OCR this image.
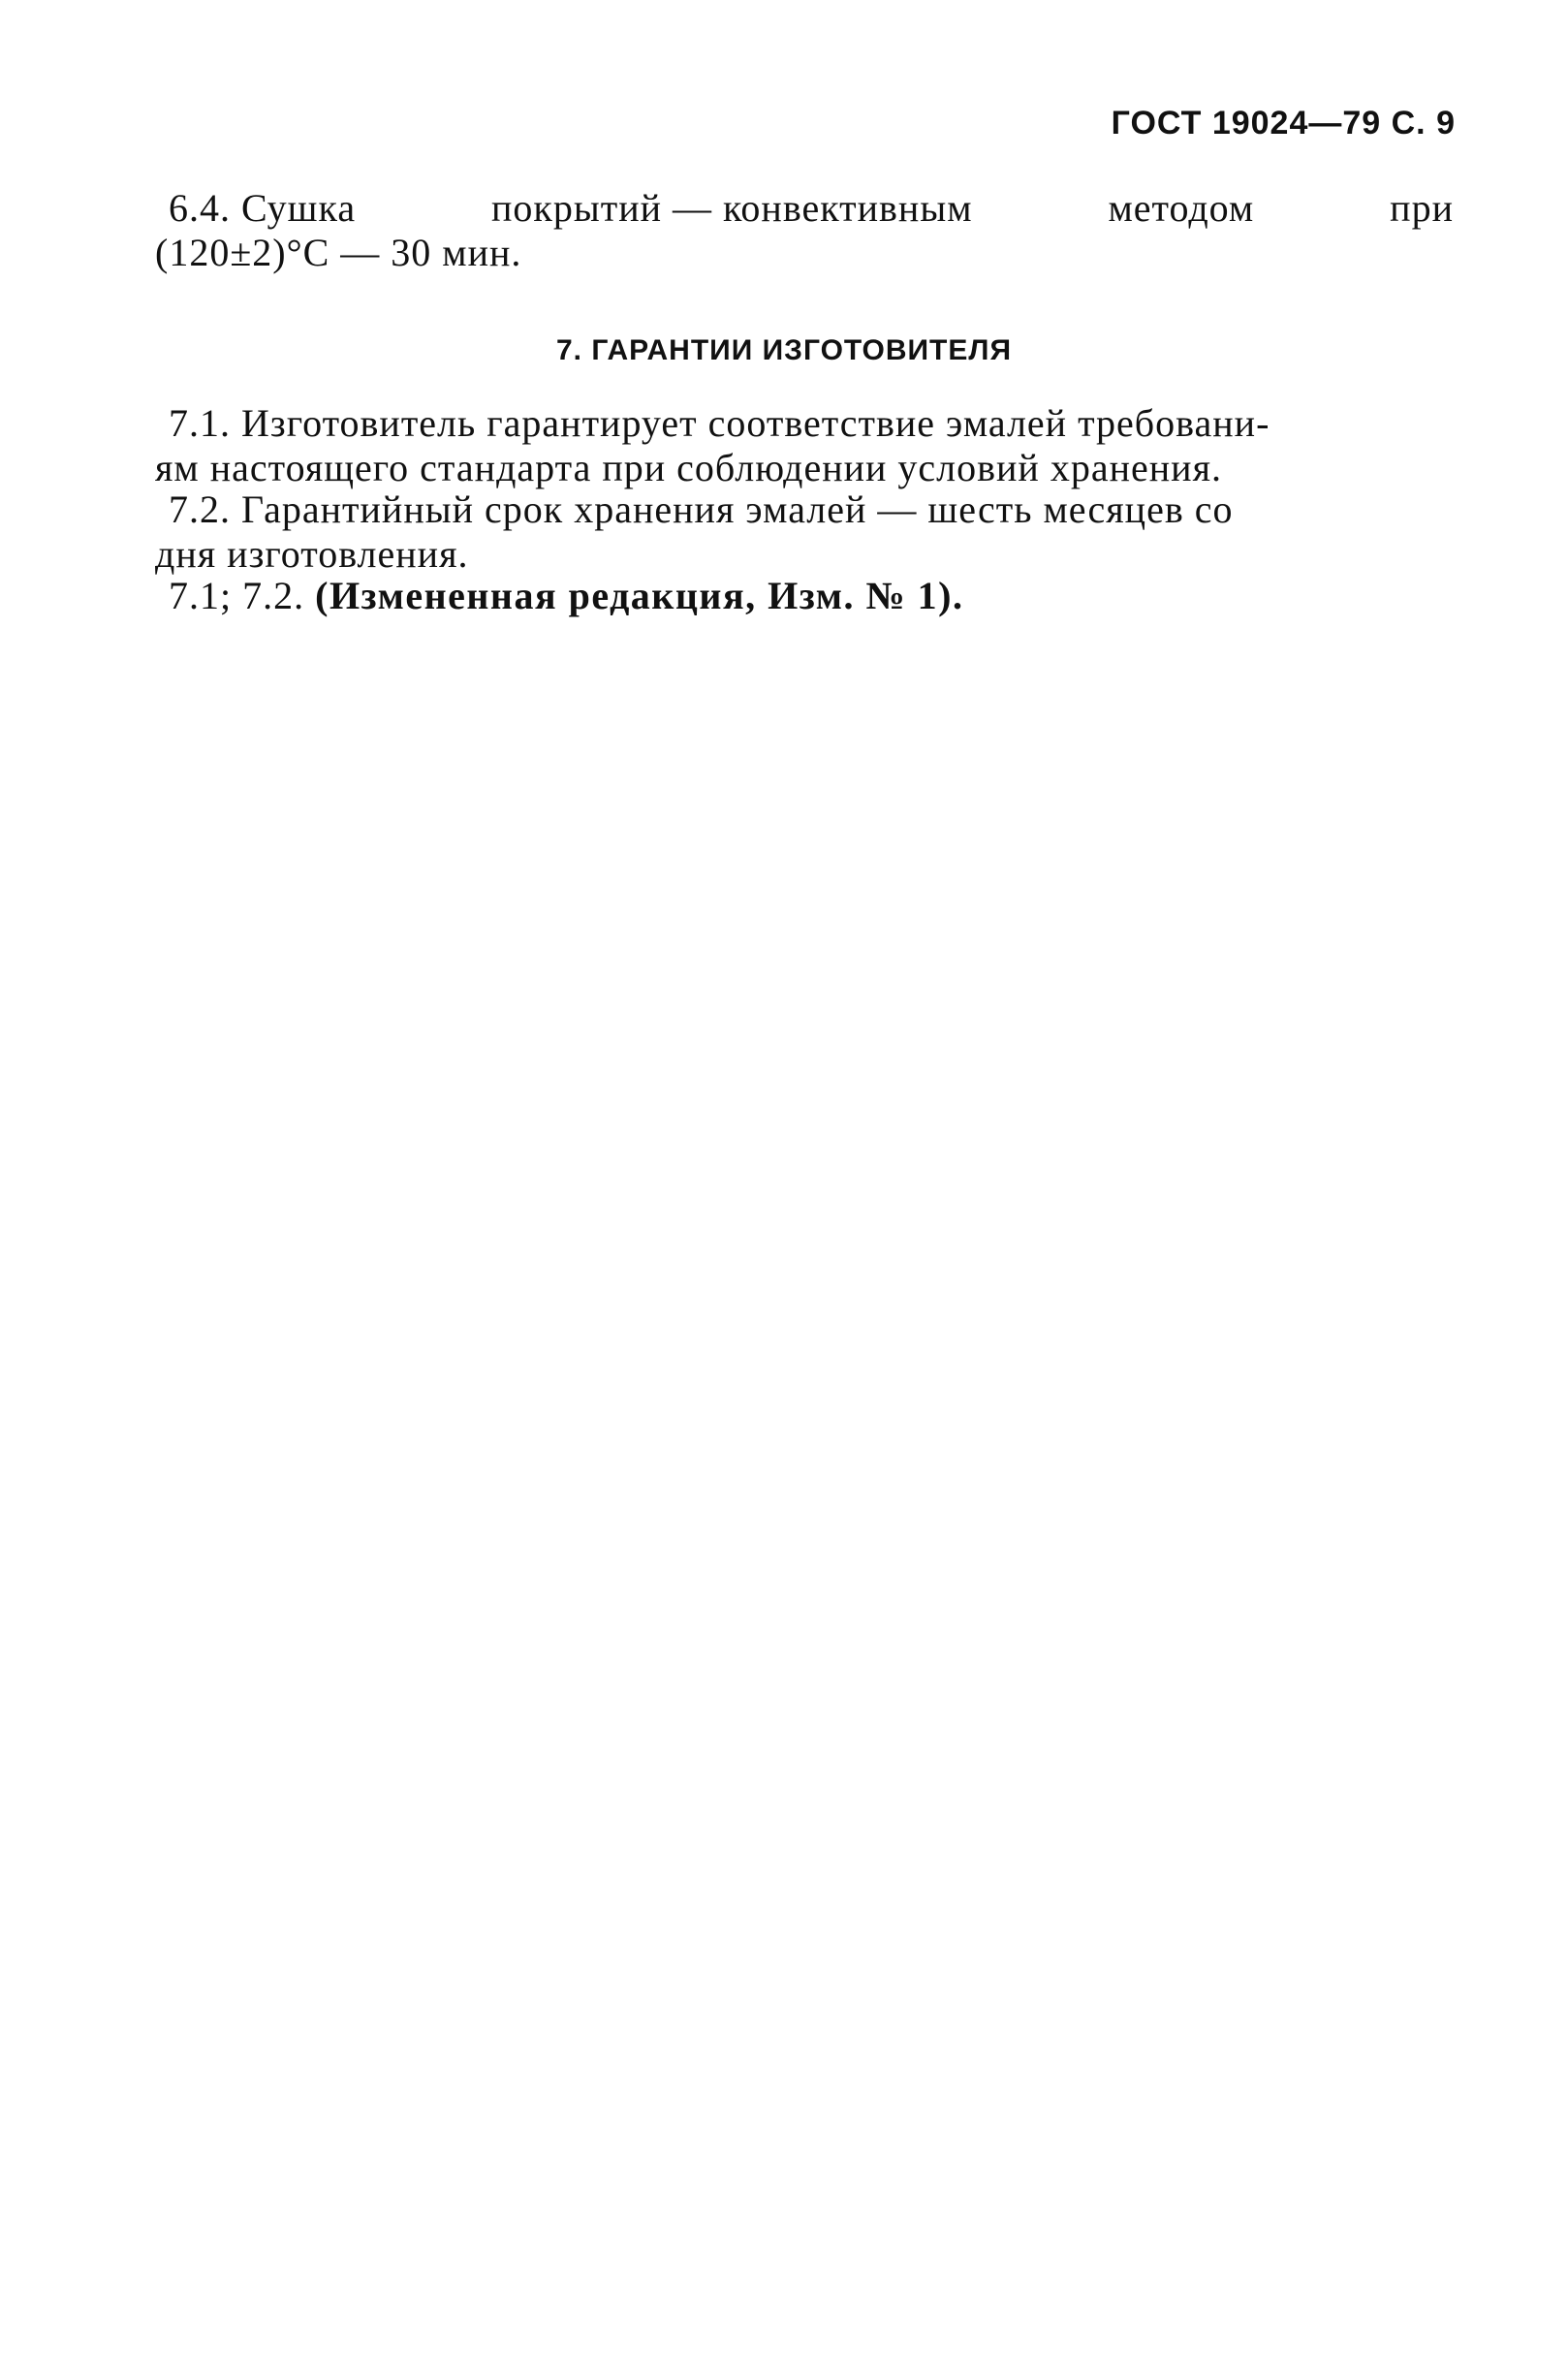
ГОСТ 19024—79 С. 9
6.4. Сушка	покрытий — конвективным	методом	при
(120±2)°С — 30 мин.
7. ГАРАНТИИ ИЗГОТОВИТЕЛЯ
7.1. Изготовитель гарантирует соответствие эмалей требовани-
ям настоящего стандарта при соблюдении условий хранения.
7.2. Гарантийный срок хранения эмалей — шесть месяцев со
дня изготовления.
7.1; 7.2. (Измененная редакция, Изм. № 1).
